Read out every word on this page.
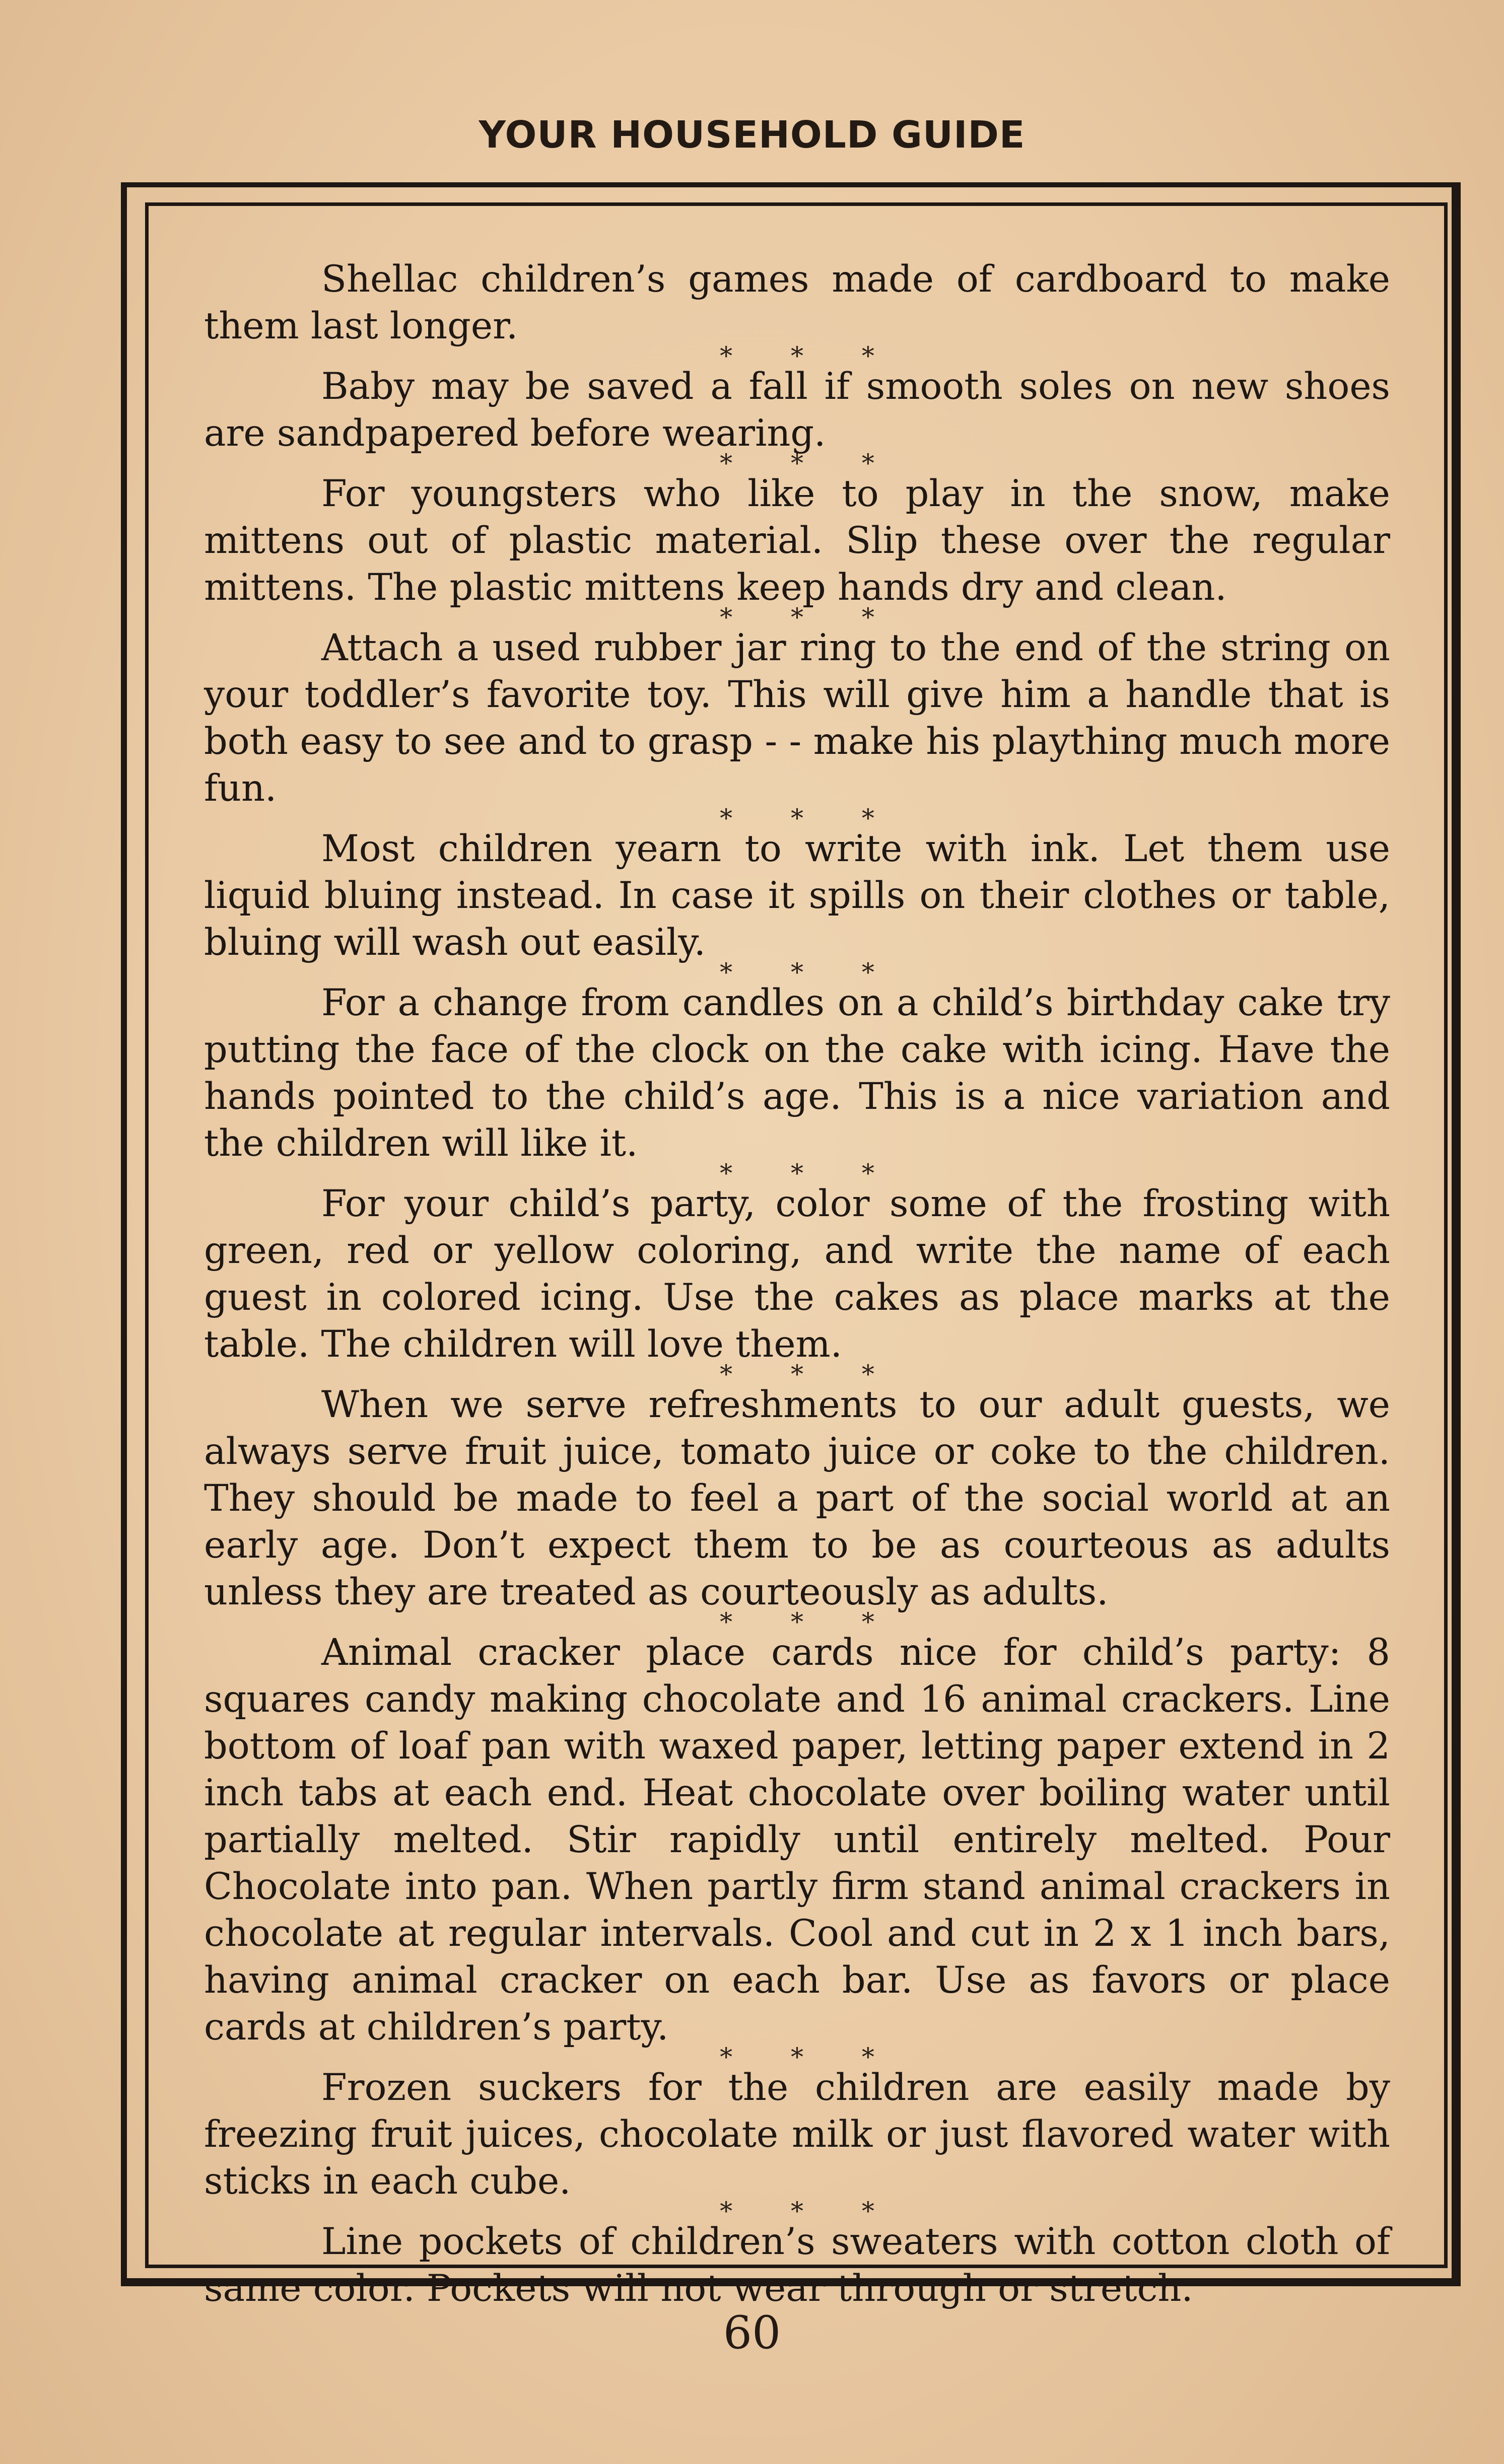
YOUR HOUSEHOLD GUIDE

Shellac children’s games made of cardboard to make them last longer.

* * *

Baby may be saved a fall if smooth soles on new shoes are sandpapered before wearing.

* * *

For youngsters who like to play in the snow, make mittens out of plastic material. Slip these over the regular mittens. The plastic mittens keep hands dry and clean.

* * *

Attach a used rubber jar ring to the end of the string on your toddler’s favorite toy. This will give him a handle that is both easy to see and to grasp - - make his plaything much more fun.

* * *

Most children yearn to write with ink. Let them use liquid bluing instead. In case it spills on their clothes or table, bluing will wash out easily.

* * *

For a change from candles on a child’s birthday cake try putting the face of the clock on the cake with icing. Have the hands pointed to the child’s age. This is a nice variation and the children will like it.

* * *

For your child’s party, color some of the frosting with green, red or yellow coloring, and write the name of each guest in colored icing. Use the cakes as place marks at the table. The children will love them.

* * *

When we serve refreshments to our adult guests, we always serve fruit juice, tomato juice or coke to the children. They should be made to feel a part of the social world at an early age. Don’t expect them to be as courteous as adults unless they are treated as courteously as adults.

* * *

Animal cracker place cards nice for child’s party: 8 squares candy making chocolate and 16 animal crackers. Line bottom of loaf pan with waxed paper, letting paper extend in 2 inch tabs at each end. Heat chocolate over boiling water until partially melted. Stir rapidly until entirely melted. Pour Chocolate into pan. When partly firm stand animal crackers in chocolate at regular intervals. Cool and cut in 2 x 1 inch bars, having animal cracker on each bar. Use as favors or place cards at children’s party.

* * *

Frozen suckers for the children are easily made by freezing fruit juices, chocolate milk or just flavored water with sticks in each cube.

* * *

Line pockets of children’s sweaters with cotton cloth of same color. Pockets will not wear through or stretch.

60
